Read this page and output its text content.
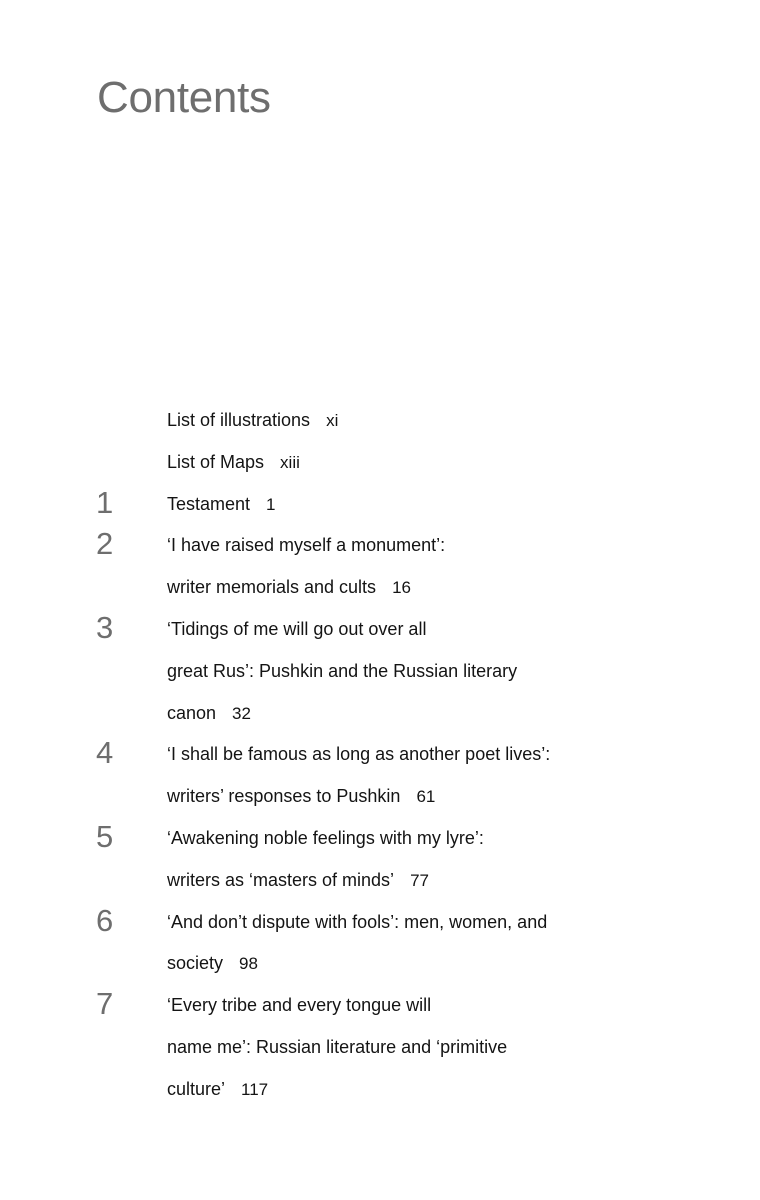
Contents
List of illustrations xi
List of Maps xiii
1	Testament 1
2	‘I have raised myself a monument’:
writer memorials and cults 16
3	‘Tidings of me will go out over all
great Rus’: Pushkin and the Russian literary
canon 32
4	‘I shall be famous as long as another poet lives’:
writers’ responses to Pushkin 61
5	‘Awakening noble feelings with my lyre’:
writers as ‘masters of minds’ 77
6	‘And don’t dispute with fools’: men, women, and
society 98
7	‘Every tribe and every tongue will
name me’: Russian literature and ‘primitive
culture’ 117
